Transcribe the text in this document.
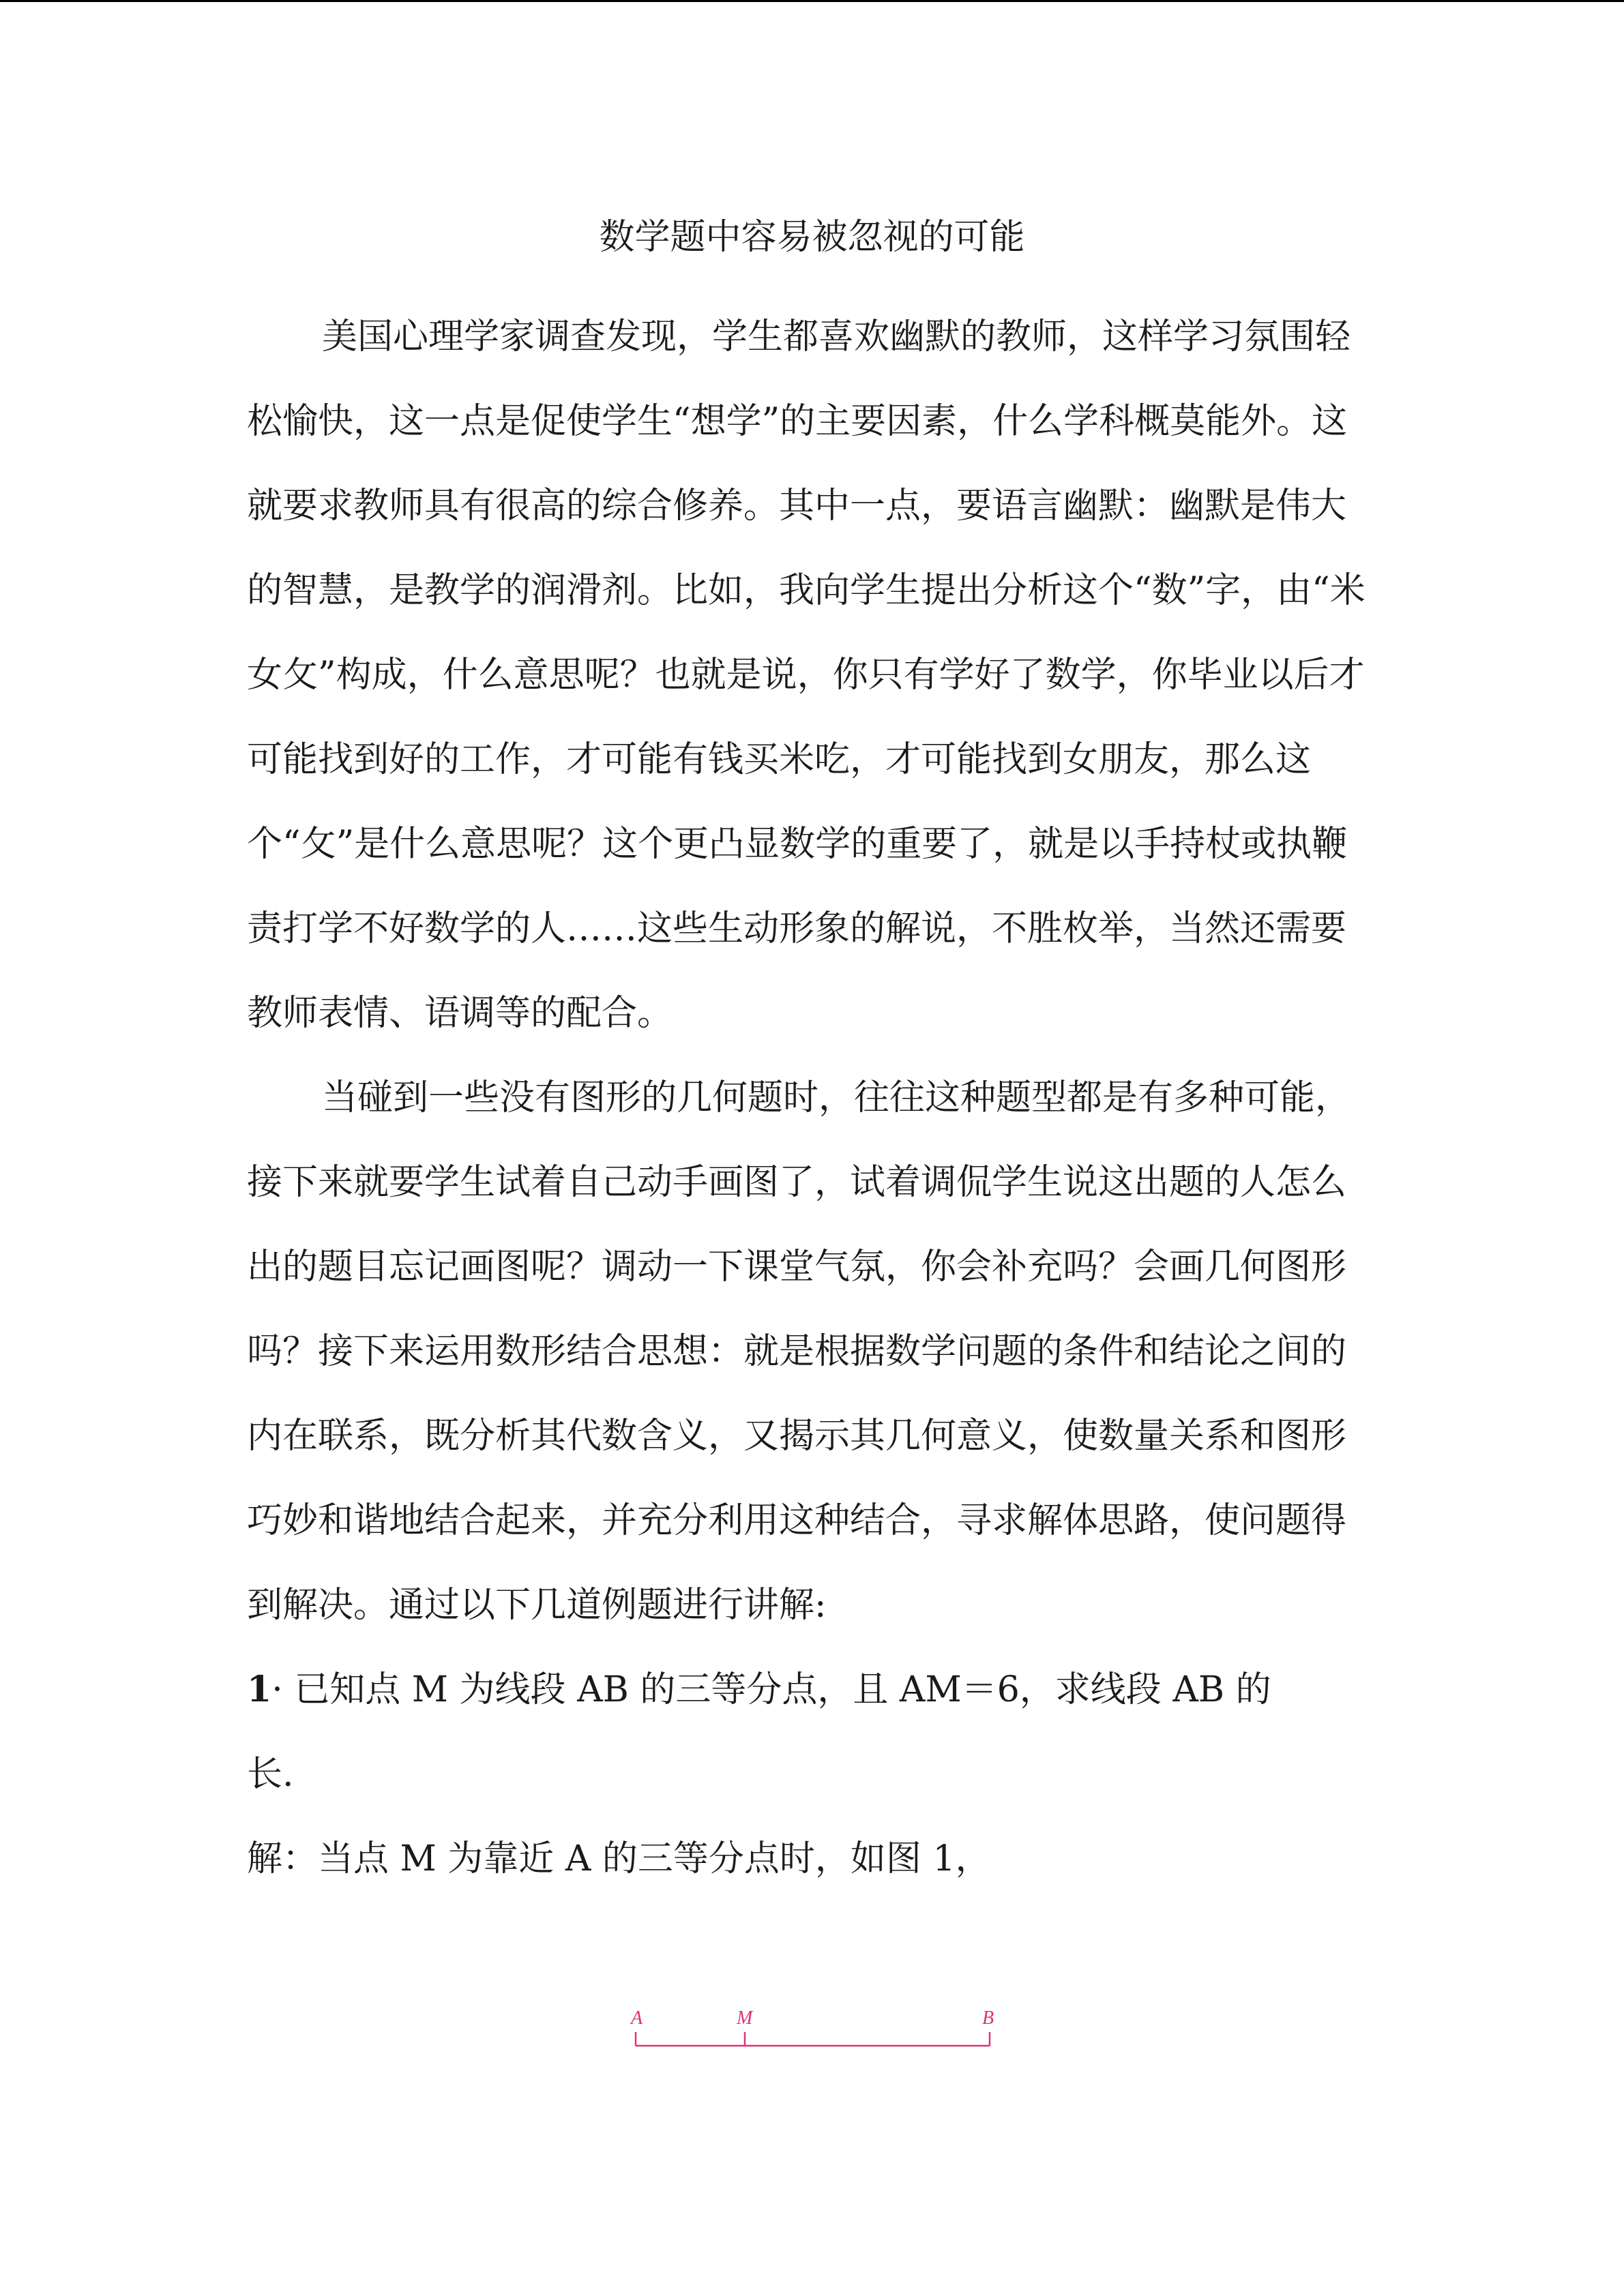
数学题中容易被忽视的可能

美国心理学家调查发现，学生都喜欢幽默的教师，这样学习氛围轻松愉快，这一点是促使学生“想学”的主要因素，什么学科概莫能外。这就要求教师具有很高的综合修养。其中一点，要语言幽默：幽默是伟大的智慧，是教学的润滑剂。比如，我向学生提出分析这个“数”字，由“米女攵”构成，什么意思呢？也就是说，你只有学好了数学，你毕业以后才可能找到好的工作，才可能有钱买米吃，才可能找到女朋友，那么这个“攵”是什么意思呢？这个更凸显数学的重要了，就是以手持杖或执鞭责打学不好数学的人……这些生动形象的解说，不胜枚举，当然还需要教师表情、语调等的配合。

当碰到一些没有图形的几何题时，往往这种题型都是有多种可能，接下来就要学生试着自己动手画图了，试着调侃学生说这出题的人怎么出的题目忘记画图呢？调动一下课堂气氛，你会补充吗？会画几何图形吗？接下来运用数形结合思想：就是根据数学问题的条件和结论之间的内在联系，既分析其代数含义，又揭示其几何意义，使数量关系和图形巧妙和谐地结合起来，并充分利用这种结合，寻求解体思路，使问题得到解决。通过以下几道例题进行讲解:

1· 已知点 M 为线段 AB 的三等分点，且 AM＝6，求线段 AB 的

长.

解：当点 M 为靠近 A 的三等分点时，如图 1，

A	M	B
